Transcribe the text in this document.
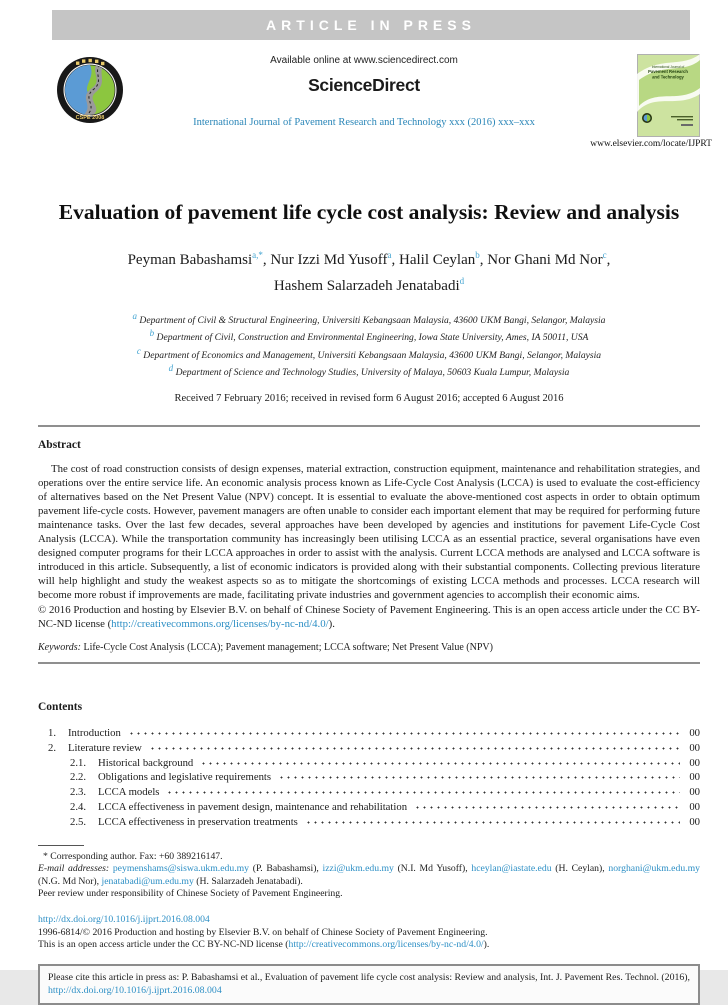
ARTICLE IN PRESS
CSPE 2008
Available online at www.sciencedirect.com
ScienceDirect
International Journal of Pavement Research and Technology xxx (2016) xxx–xxx
International Journal of
Pavement Research
and Technology
www.elsevier.com/locate/IJPRT
Evaluation of pavement life cycle cost analysis: Review and analysis
Peyman Babashamsi$^{a,*}$, Nur Izzi Md Yusoff$^a$, Halil Ceylan$^b$, Nor Ghani Md Nor$^c$,
Hashem Salarzadeh Jenatabadi$^d$
$^a$ Department of Civil & Structural Engineering, Universiti Kebangsaan Malaysia, 43600 UKM Bangi, Selangor, Malaysia
$^b$ Department of Civil, Construction and Environmental Engineering, Iowa State University, Ames, IA 50011, USA
$^c$ Department of Economics and Management, Universiti Kebangsaan Malaysia, 43600 UKM Bangi, Selangor, Malaysia
$^d$ Department of Science and Technology Studies, University of Malaya, 50603 Kuala Lumpur, Malaysia
Received 7 February 2016; received in revised form 6 August 2016; accepted 6 August 2016
Abstract
The cost of road construction consists of design expenses, material extraction, construction equipment, maintenance and rehabilitation strategies, and operations over the entire service life. An economic analysis process known as Life-Cycle Cost Analysis (LCCA) is used to evaluate the cost-efficiency of alternatives based on the Net Present Value (NPV) concept. It is essential to evaluate the above-mentioned cost aspects in order to obtain optimum pavement life-cycle costs. However, pavement managers are often unable to consider each important element that may be required for performing future maintenance tasks. Over the last few decades, several approaches have been developed by agencies and institutions for pavement Life-Cycle Cost Analysis (LCCA). While the transportation community has increasingly been utilising LCCA as an essential practice, several organisations have even designed computer programs for their LCCA approaches in order to assist with the analysis. Current LCCA methods are analysed and LCCA software is introduced in this article. Subsequently, a list of economic indicators is provided along with their substantial components. Collecting previous literature will help highlight and study the weakest aspects so as to mitigate the shortcomings of existing LCCA methods and processes. LCCA research will become more robust if improvements are made, facilitating private industries and government agencies to accomplish their economic aims.
© 2016 Production and hosting by Elsevier B.V. on behalf of Chinese Society of Pavement Engineering. This is an open access article under the CC BY-NC-ND license (http://creativecommons.org/licenses/by-nc-nd/4.0/).
Keywords: Life-Cycle Cost Analysis (LCCA); Pavement management; LCCA software; Net Present Value (NPV)
Contents
1.	Introduction	00
2.	Literature review	00
2.1.	Historical background	00
2.2.	Obligations and legislative requirements	00
2.3.	LCCA models	00
2.4.	LCCA effectiveness in pavement design, maintenance and rehabilitation	00
2.5.	LCCA effectiveness in preservation treatments	00
* Corresponding author. Fax: +60 389216147.
E-mail addresses: peymenshams@siswa.ukm.edu.my (P. Babashamsi), izzi@ukm.edu.my (N.I. Md Yusoff), hceylan@iastate.edu (H. Ceylan), norghani@ukm.edu.my (N.G. Md Nor), jenatabadi@um.edu.my (H. Salarzadeh Jenatabadi).
Peer review under responsibility of Chinese Society of Pavement Engineering.
http://dx.doi.org/10.1016/j.ijprt.2016.08.004
1996-6814/© 2016 Production and hosting by Elsevier B.V. on behalf of Chinese Society of Pavement Engineering.
This is an open access article under the CC BY-NC-ND license (http://creativecommons.org/licenses/by-nc-nd/4.0/).
Please cite this article in press as: P. Babashamsi et al., Evaluation of pavement life cycle cost analysis: Review and analysis, Int. J. Pavement Res. Technol. (2016), http://dx.doi.org/10.1016/j.ijprt.2016.08.004
